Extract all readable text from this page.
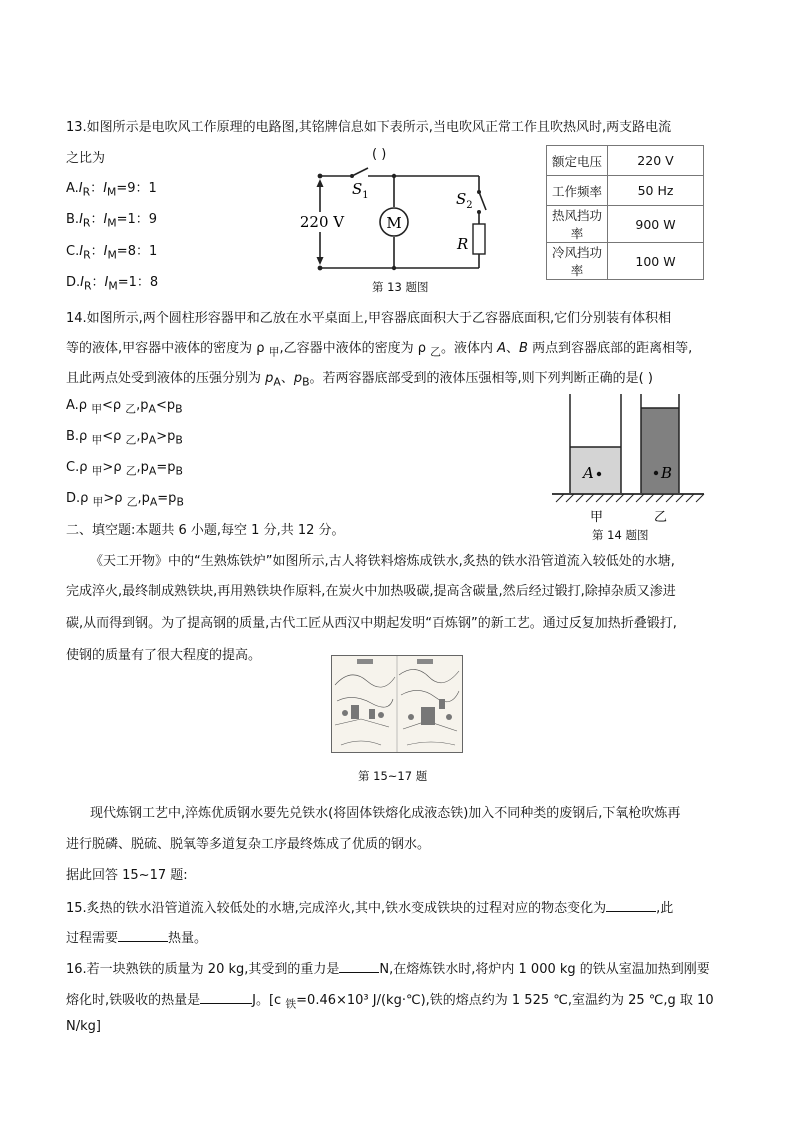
13.如图所示是电吹风工作原理的电路图,其铭牌信息如下表所示,当电吹风正常工作且吹热风时,两支路电流
之比为	( )
$A.I_R$：$I_M=9$：1
$B.I_R$：$I_M=1$：9
$C.I_R$：$I_M=8$：1
$D.I_R$：$I_M=1$：8
M
220 V
$S_1$	$S_2$
R
第 13 题图
额定电压	220 V
工作频率	50 Hz
热风挡功率	900 W
冷风挡功率	100 W
14.如图所示,两个圆柱形容器甲和乙放在水平桌面上,甲容器底面积大于乙容器底面积,它们分别装有体积相
等的液体,甲容器中液体的密度为 ρ $_甲$,乙容器中液体的密度为 ρ $_乙$。液体内 A、B 两点到容器底部的距离相等,
且此两点处受到液体的压强分别为 $p_A$、$p_B$。若两容器底部受到的液体压强相等,则下列判断正确的是( )
A.ρ $_甲$<ρ $_乙,p_A<p_B$
B.ρ $_甲$<ρ $_乙,p_A>p_B$
C.ρ $_甲$>ρ $_乙,p_A=p_B$
D.ρ $_甲$>ρ $_乙,p_A=p_B$
A	B
甲	乙
第 14 题图
二、填空题:本题共 6 小题,每空 1 分,共 12 分。
《天工开物》中的“生熟炼铁炉”如图所示,古人将铁料熔炼成铁水,炙热的铁水沿管道流入较低处的水塘,
完成淬火,最终制成熟铁块,再用熟铁块作原料,在炭火中加热吸碳,提高含碳量,然后经过锻打,除掉杂质又渗进
碳,从而得到钢。为了提高钢的质量,古代工匠从西汉中期起发明“百炼钢”的新工艺。通过反复加热折叠锻打,
使钢的质量有了很大程度的提高。
第 15~17 题
现代炼钢工艺中,淬炼优质钢水要先兑铁水(将固体铁熔化成液态铁)加入不同种类的废钢后,下氧枪吹炼再
进行脱磷、脱硫、脱氧等多道复杂工序最终炼成了优质的钢水。
据此回答 15~17 题:
15.炙热的铁水沿管道流入较低处的水塘,完成淬火,其中,铁水变成铁块的过程对应的物态变化为	,此
过程需要	热量。
16.若一块熟铁的质量为 20 kg,其受到的重力是	N,在熔炼铁水时,将炉内 1 000 kg 的铁从室温加热到刚要
熔化时,铁吸收的热量是	J。[c $_铁$=0.46×10³ J/(kg·℃),铁的熔点约为 1 525 ℃,室温约为 25 ℃,g 取 10
N/kg]
